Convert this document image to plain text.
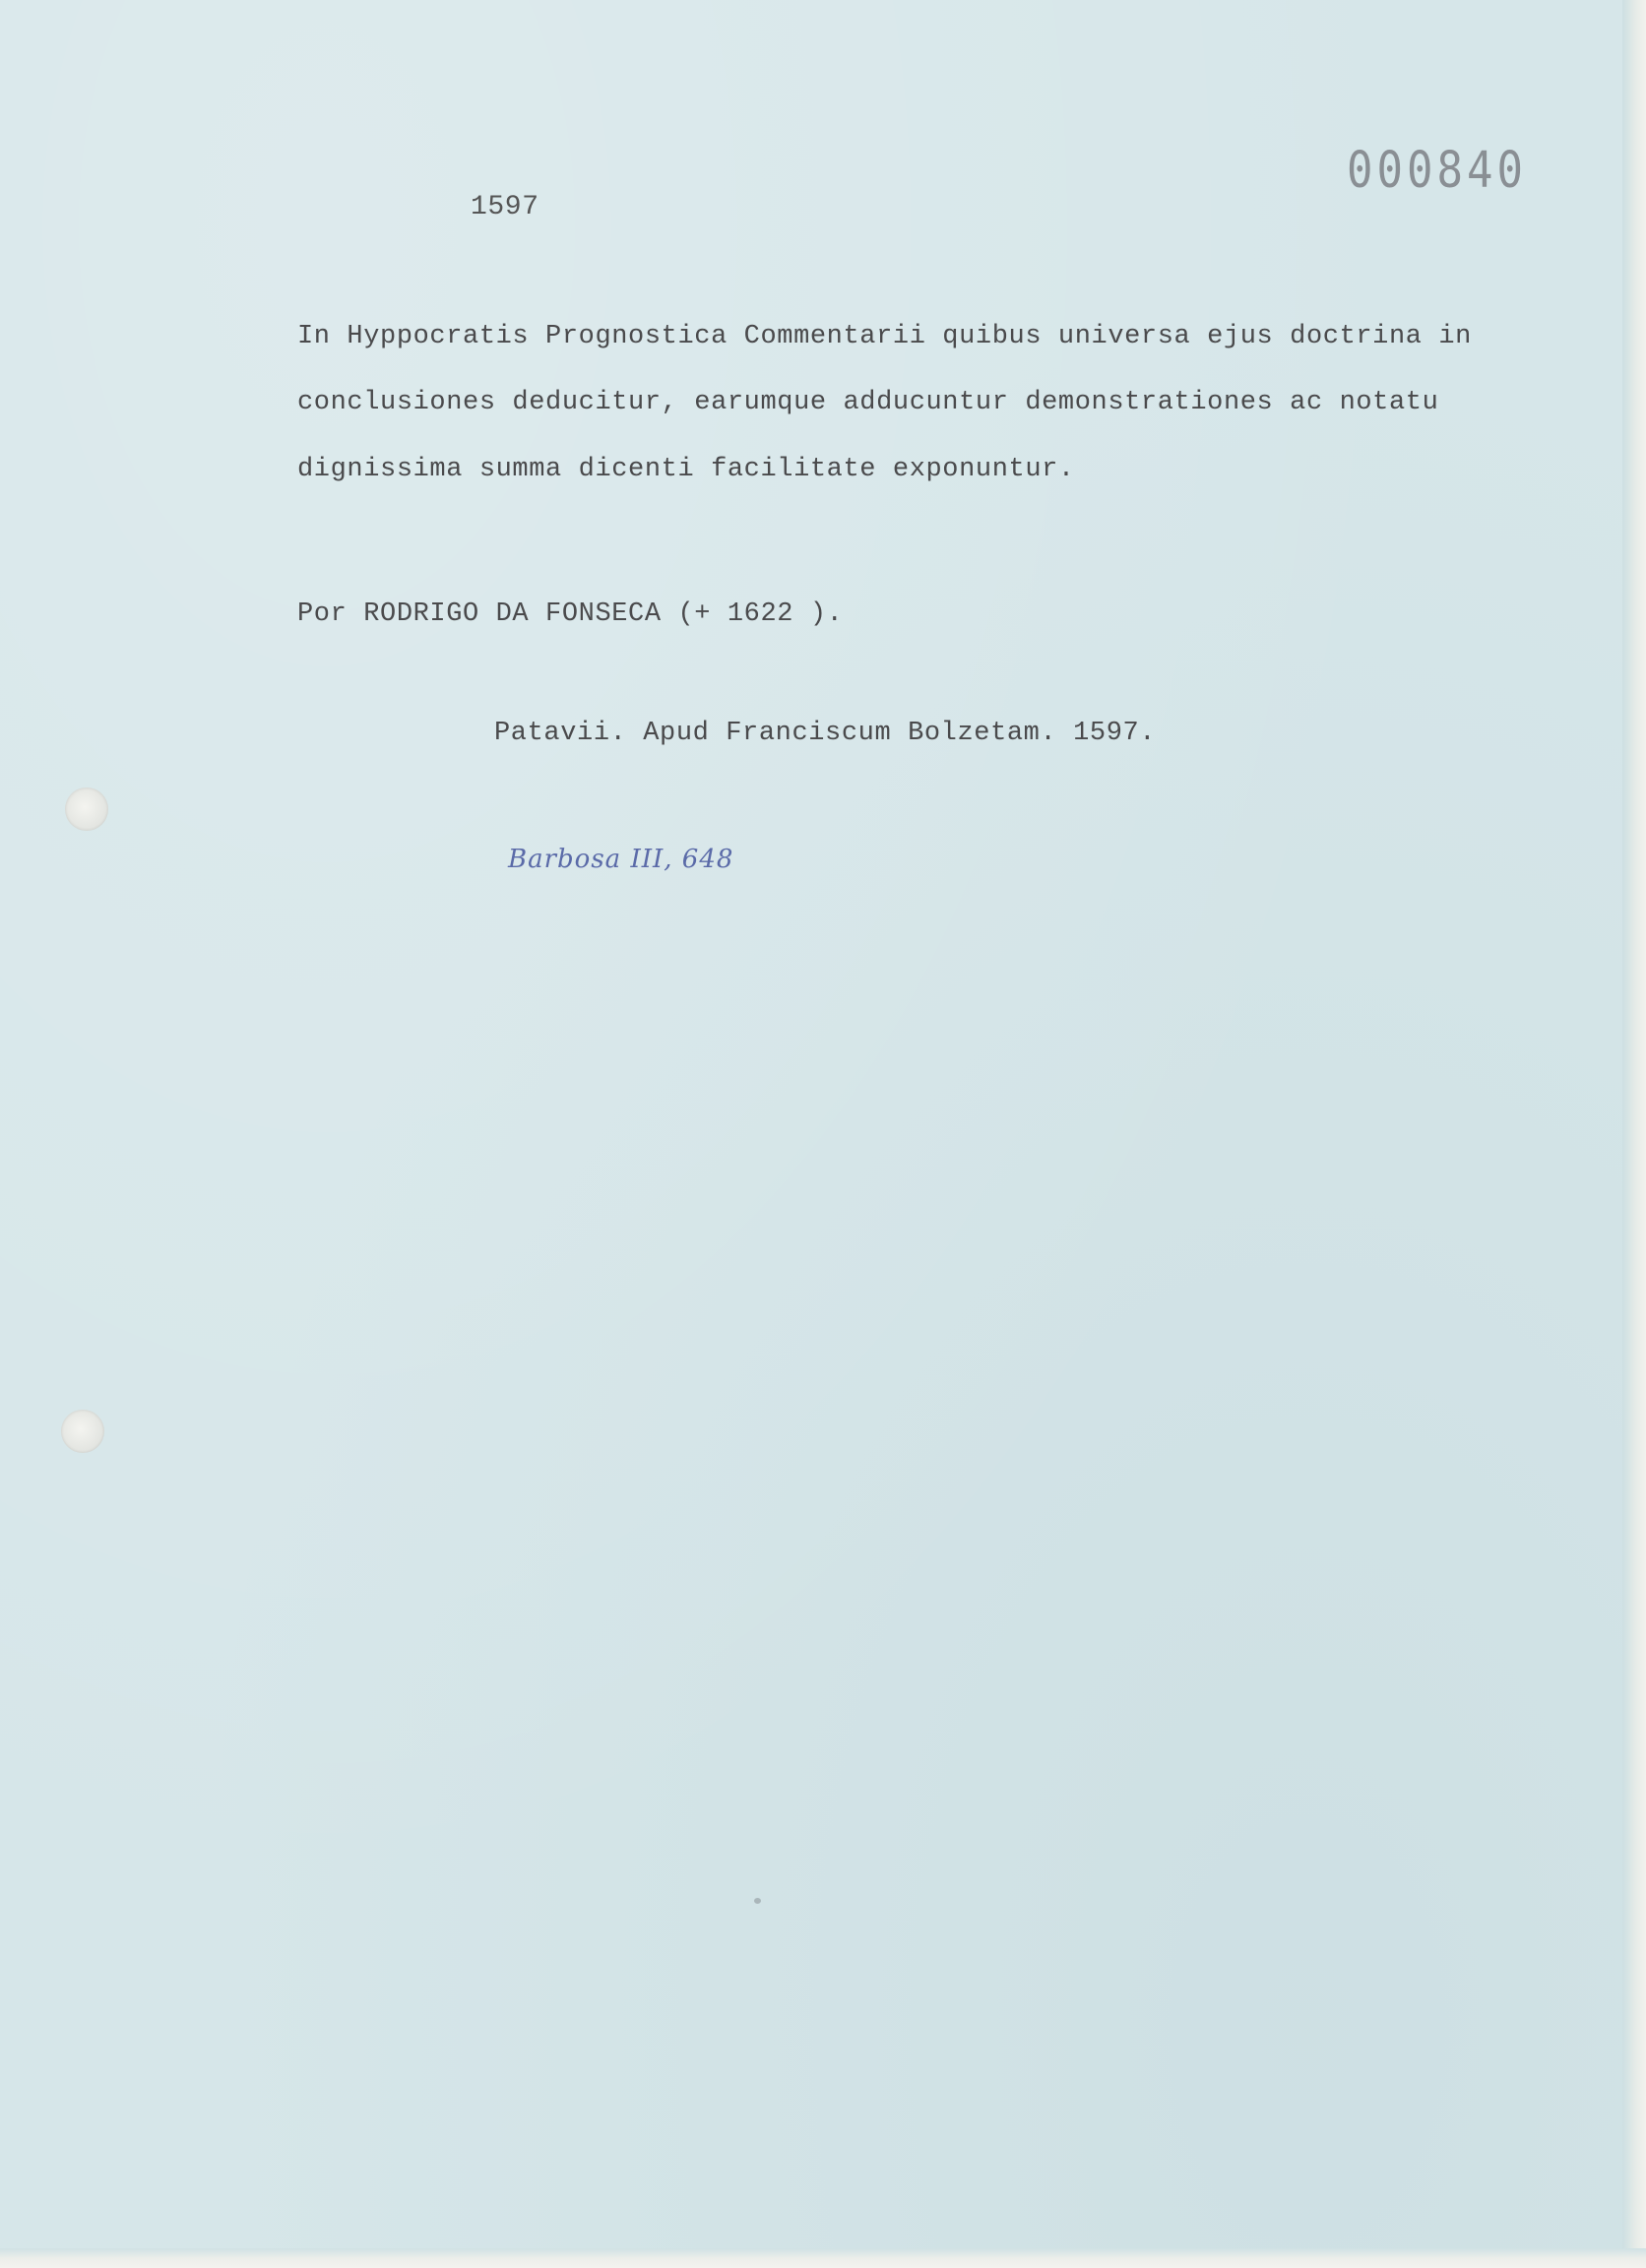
1597

000840

In Hyppocratis Prognostica Commentarii quibus universa ejus doctrina in

conclusiones deducitur, earumque adducuntur demonstrationes ac notatu

dignissima summa dicenti facilitate exponuntur.

Por RODRIGO DA FONSECA (+ 1622 ).

Patavii. Apud Franciscum Bolzetam. 1597.

Barbosa III, 648
